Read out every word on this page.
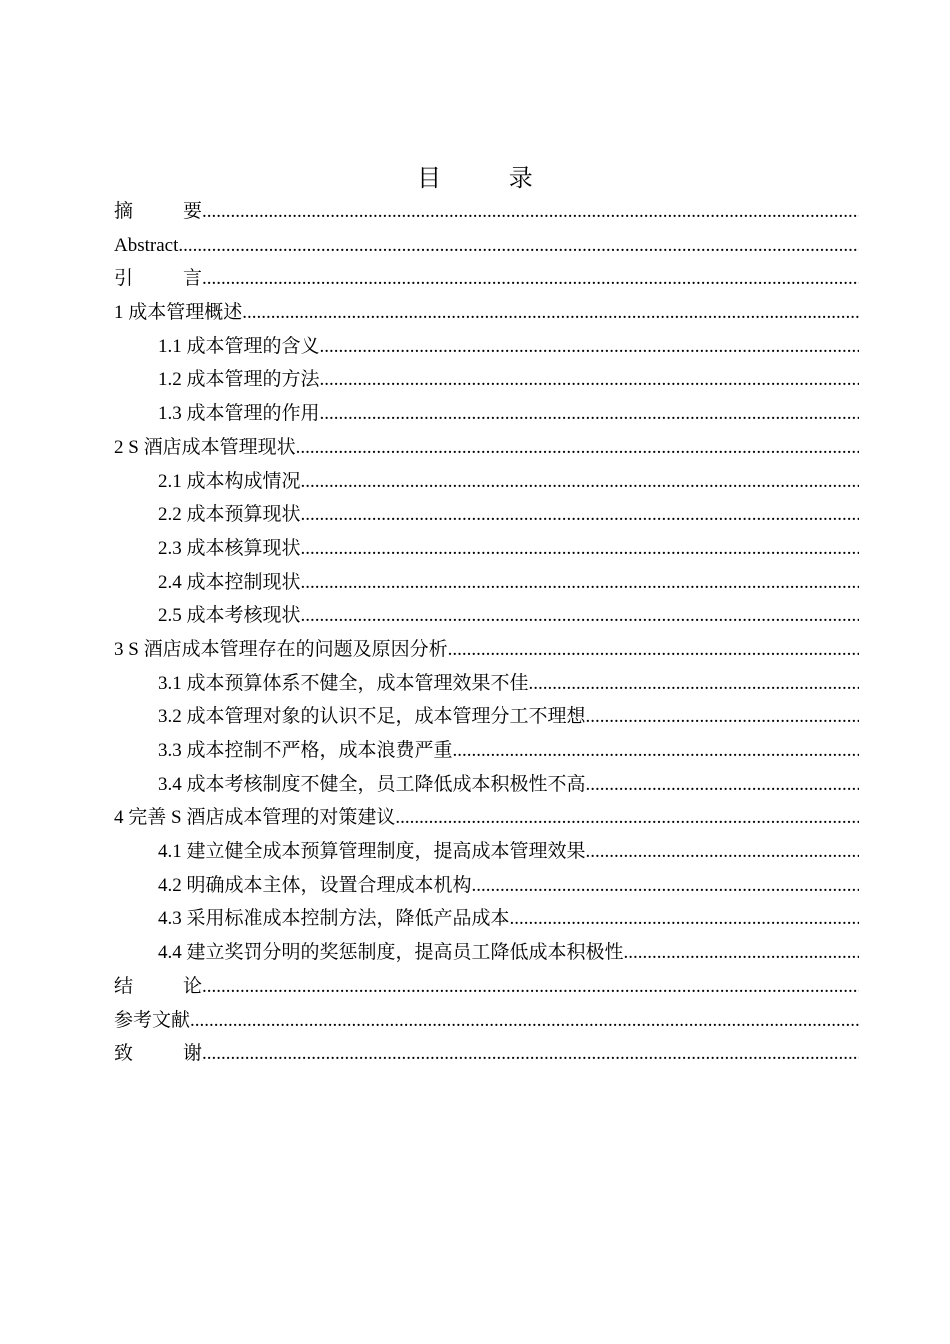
目 录
摘要
.....
Abstract
.....
引言
.....
1 成本管理概述
.....
1.1 成本管理的含义
.....
1.2 成本管理的方法
.....
1.3 成本管理的作用
.....
2 S 酒店成本管理现状
.....
2.1 成本构成情况
.....
2.2 成本预算现状
.....
2.3 成本核算现状
.....
2.4 成本控制现状
.....
2.5 成本考核现状
.....
3 S 酒店成本管理存在的问题及原因分析
.....
3.1 成本预算体系不健全，成本管理效果不佳
.....
3.2 成本管理对象的认识不足，成本管理分工不理想
.....
3.3 成本控制不严格，成本浪费严重
.....
3.4 成本考核制度不健全，员工降低成本积极性不高
.....
4 完善 S 酒店成本管理的对策建议
.....
4.1 建立健全成本预算管理制度，提高成本管理效果
.....
4.2 明确成本主体，设置合理成本机构
.....
4.3 采用标准成本控制方法，降低产品成本
.....
4.4 建立奖罚分明的奖惩制度，提高员工降低成本积极性
.....
结论
.....
参考文献
.....
致谢
.....
